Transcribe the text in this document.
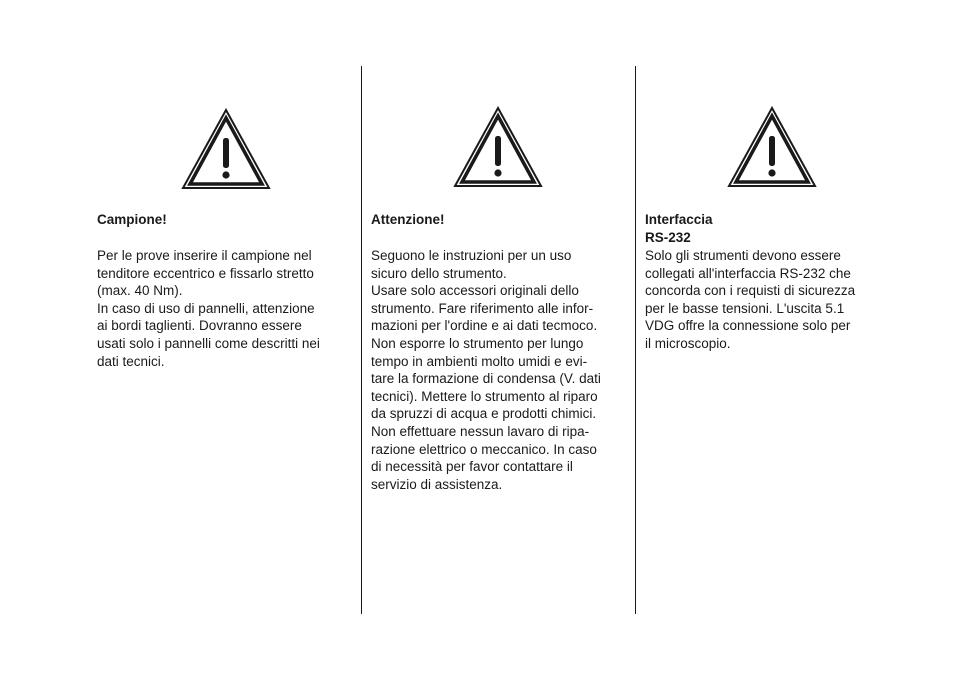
Campione!
Per le prove inserire il campione nel
tenditore eccentrico e fissarlo stretto
(max. 40 Nm).
In caso di uso di pannelli, attenzione
ai bordi taglienti. Dovranno essere
usati solo i pannelli come descritti nei
dati tecnici.
Attenzione!
Seguono le instruzioni per un uso
sicuro dello strumento.
Usare solo accessori originali dello
strumento. Fare riferimento alle infor-
mazioni per l'ordine e ai dati tecmoco.
Non esporre lo strumento per lungo
tempo in ambienti molto umidi e evi-
tare la formazione di condensa (V. dati
tecnici). Mettere lo strumento al riparo
da spruzzi di acqua e prodotti chimici.
Non effettuare nessun lavaro di ripa-
razione elettrico o meccanico. In caso
di necessità per favor contattare il
servizio di assistenza.
Interfaccia RS-232
Solo gli strumenti devono essere
collegati all'interfaccia RS-232 che
concorda con i requisti di sicurezza
per le basse tensioni. L'uscita 5.1
VDG offre la connessione solo per
il microscopio.
